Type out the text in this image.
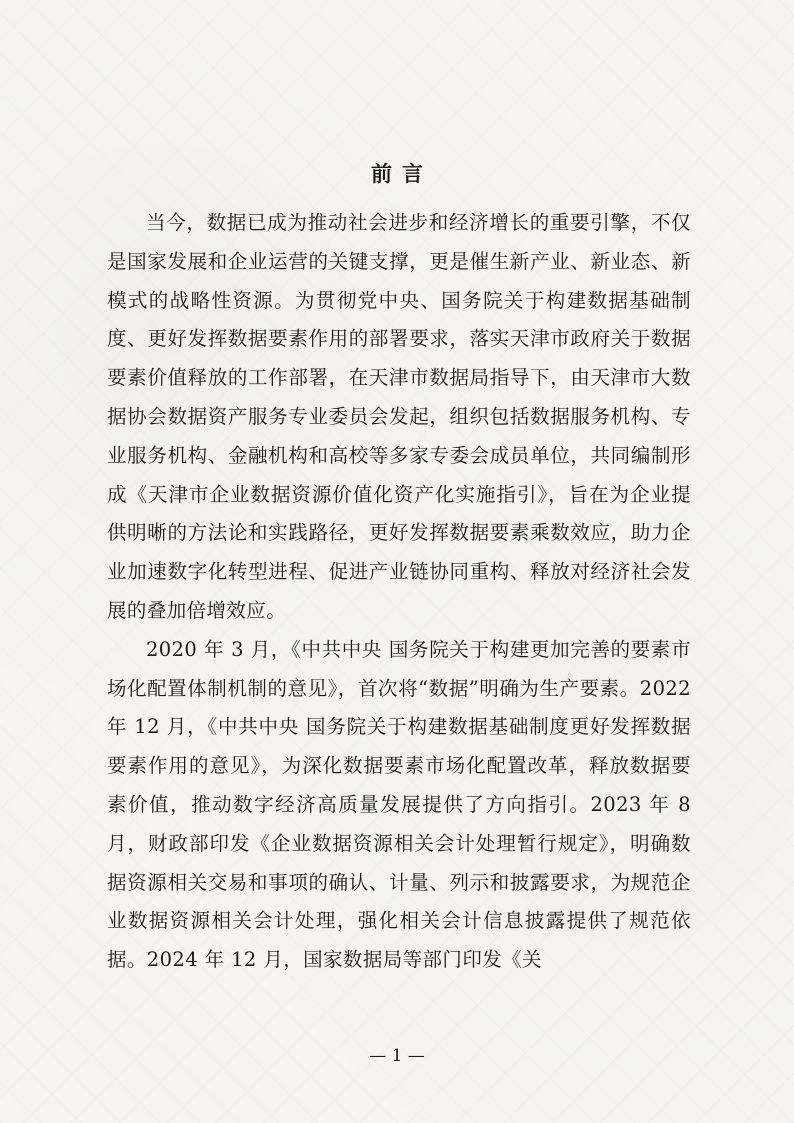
前言

当今，数据已成为推动社会进步和经济增长的重要引擎，不仅是国家发展和企业运营的关键支撑，更是催生新产业、新业态、新模式的战略性资源。为贯彻党中央、国务院关于构建数据基础制度、更好发挥数据要素作用的部署要求，落实天津市政府关于数据要素价值释放的工作部署，在天津市数据局指导下，由天津市大数据协会数据资产服务专业委员会发起，组织包括数据服务机构、专业服务机构、金融机构和高校等多家专委会成员单位，共同编制形成《天津市企业数据资源价值化资产化实施指引》，旨在为企业提供明晰的方法论和实践路径，更好发挥数据要素乘数效应，助力企业加速数字化转型进程、促进产业链协同重构、释放对经济社会发展的叠加倍增效应。

2020 年 3 月，《中共中央 国务院关于构建更加完善的要素市场化配置体制机制的意见》，首次将“数据”明确为生产要素。2022 年 12 月，《中共中央 国务院关于构建数据基础制度更好发挥数据要素作用的意见》，为深化数据要素市场化配置改革，释放数据要素价值，推动数字经济高质量发展提供了方向指引。2023 年 8 月，财政部印发《企业数据资源相关会计处理暂行规定》，明确数据资源相关交易和事项的确认、计量、列示和披露要求，为规范企业数据资源相关会计处理，强化相关会计信息披露提供了规范依据。2024 年 12 月，国家数据局等部门印发《关

— 1 —
